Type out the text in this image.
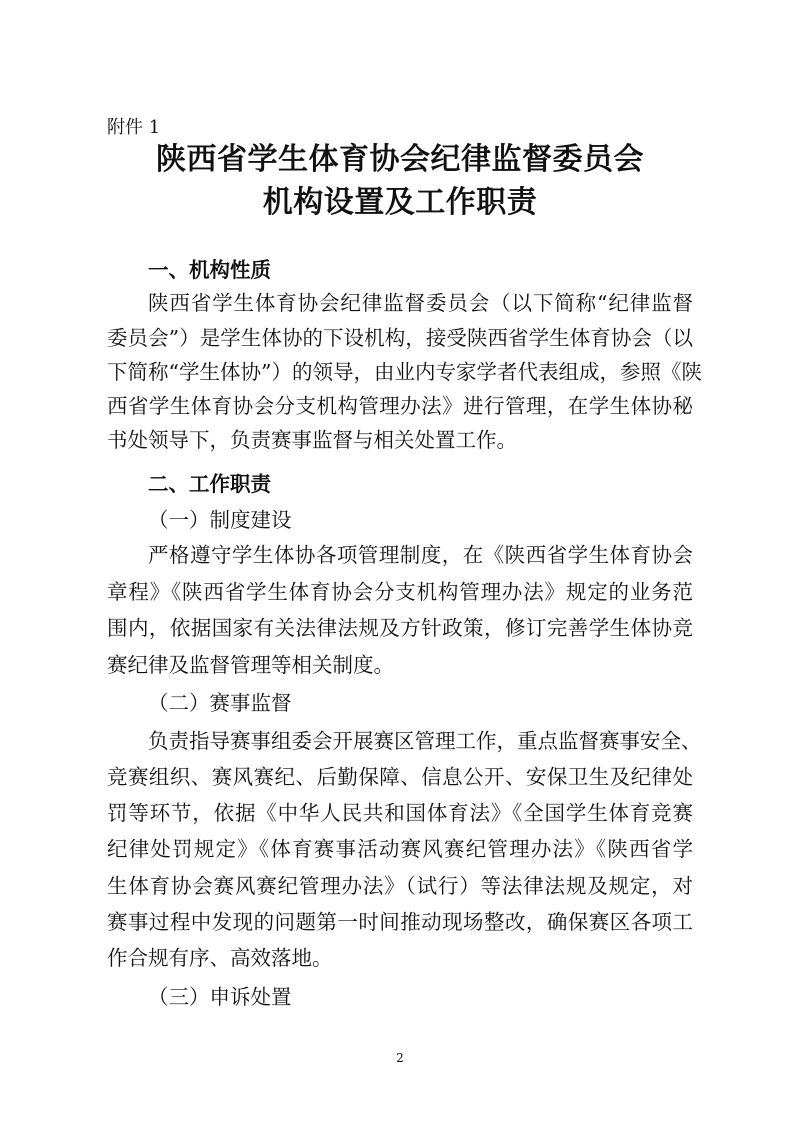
附件 1
陕西省学生体育协会纪律监督委员会
机构设置及工作职责
一、机构性质
陕西省学生体育协会纪律监督委员会（以下简称“纪律监督
委员会”）是学生体协的下设机构，接受陕西省学生体育协会（以
下简称“学生体协”）的领导，由业内专家学者代表组成，参照《陕
西省学生体育协会分支机构管理办法》进行管理，在学生体协秘
书处领导下，负责赛事监督与相关处置工作。
二、工作职责
（一）制度建设
严格遵守学生体协各项管理制度，在《陕西省学生体育协会
章程》《陕西省学生体育协会分支机构管理办法》规定的业务范
围内，依据国家有关法律法规及方针政策，修订完善学生体协竞
赛纪律及监督管理等相关制度。
（二）赛事监督
负责指导赛事组委会开展赛区管理工作，重点监督赛事安全、
竞赛组织、赛风赛纪、后勤保障、信息公开、安保卫生及纪律处
罚等环节，依据《中华人民共和国体育法》《全国学生体育竞赛
纪律处罚规定》《体育赛事活动赛风赛纪管理办法》《陕西省学
生体育协会赛风赛纪管理办法》（试行）等法律法规及规定，对
赛事过程中发现的问题第一时间推动现场整改，确保赛区各项工
作合规有序、高效落地。
（三）申诉处置
2
